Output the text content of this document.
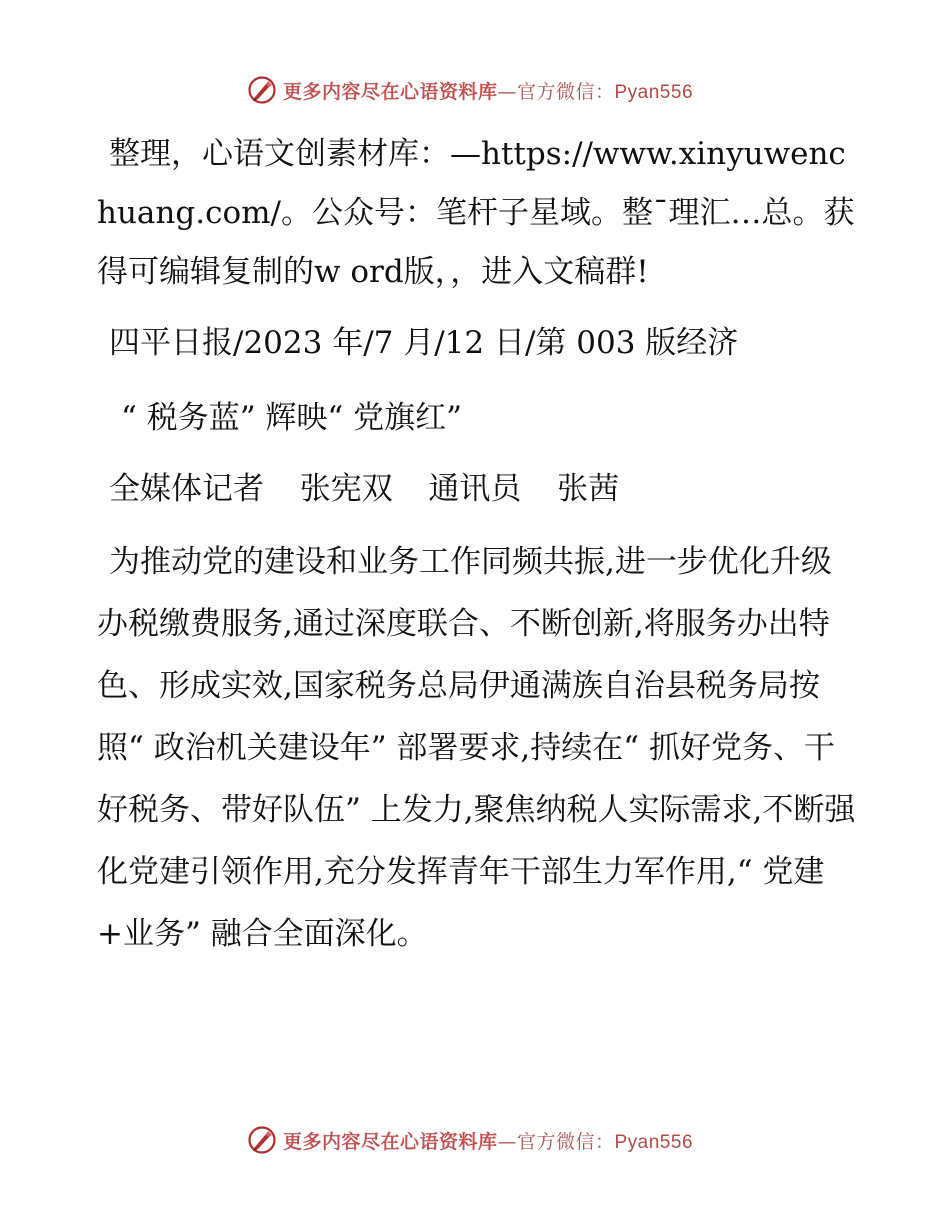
更多内容尽在心语资料库—官方微信：Pyan556

整理，心语文创素材库：—https://www.xinyuwenchuang.com/。公众号：笔杆子星域。整¯理汇…总。获得可编辑复制的w ord版，，进入文稿群!

四平日报/2023 年/7 月/12 日/第 003 版经济

“ 税务蓝” 辉映“ 党旗红”

全媒体记者  张宪双  通讯员  张茜

为推动党的建设和业务工作同频共振,进一步优化升级办税缴费服务,通过深度联合、不断创新,将服务办出特色、形成实效,国家税务总局伊通满族自治县税务局按照“ 政治机关建设年” 部署要求,持续在“ 抓好党务、干好税务、带好队伍” 上发力,聚焦纳税人实际需求,不断强化党建引领作用,充分发挥青年干部生力军作用,“ 党建+业务” 融合全面深化。

更多内容尽在心语资料库—官方微信：Pyan556
